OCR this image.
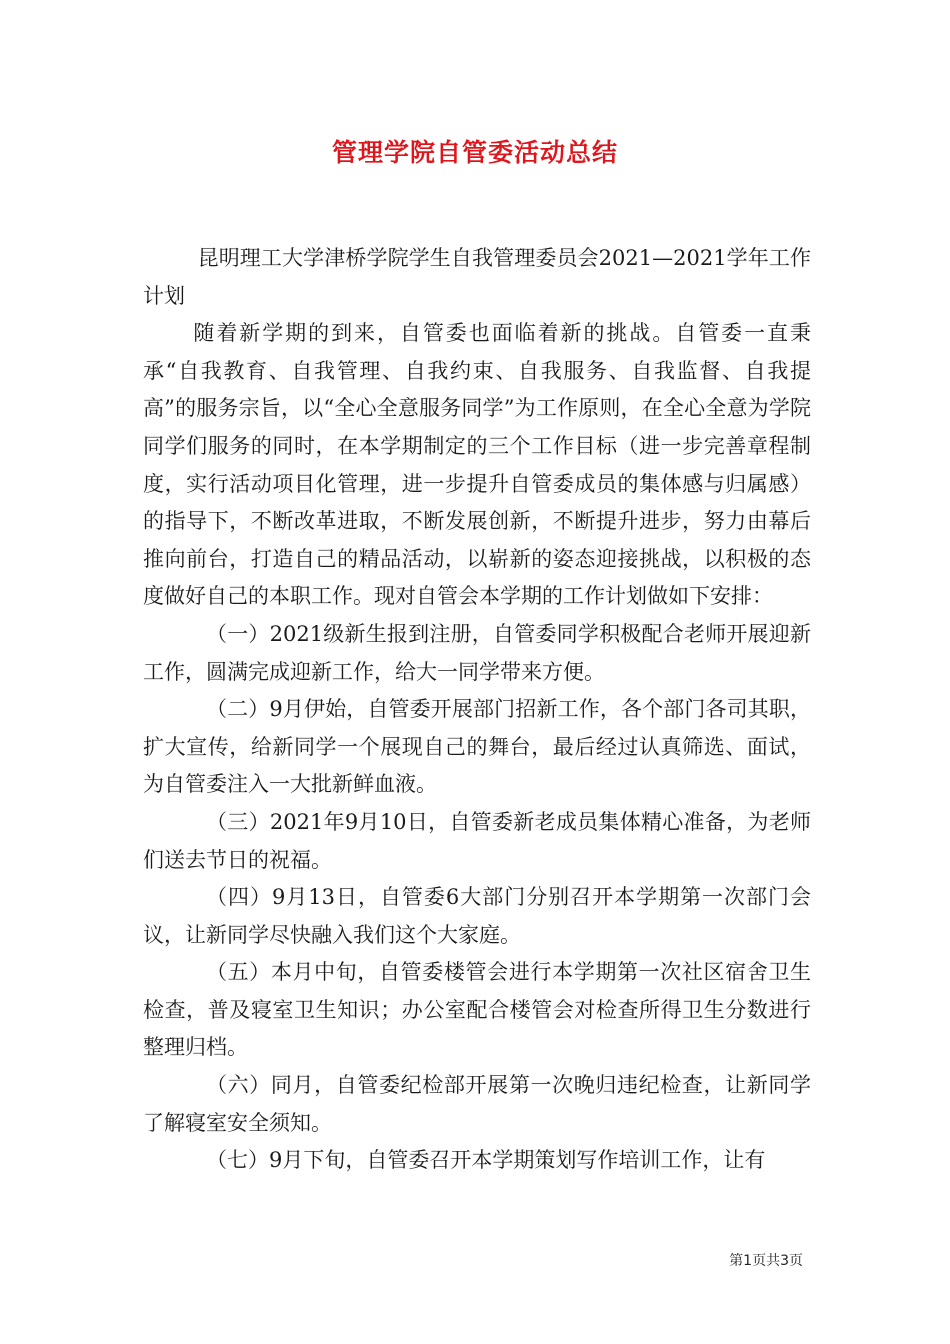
管理学院自管委活动总结

昆明理工大学津桥学院学生自我管理委员会2021—2021学年工作计划

随着新学期的到来，自管委也面临着新的挑战。自管委一直秉承“自我教育、自我管理、自我约束、自我服务、自我监督、自我提高”的服务宗旨，以“全心全意服务同学”为工作原则，在全心全意为学院同学们服务的同时，在本学期制定的三个工作目标（进一步完善章程制度，实行活动项目化管理，进一步提升自管委成员的集体感与归属感）的指导下，不断改革进取，不断发展创新，不断提升进步，努力由幕后推向前台，打造自己的精品活动，以崭新的姿态迎接挑战，以积极的态度做好自己的本职工作。现对自管会本学期的工作计划做如下安排：

（一）2021级新生报到注册，自管委同学积极配合老师开展迎新工作，圆满完成迎新工作，给大一同学带来方便。

（二）9月伊始，自管委开展部门招新工作，各个部门各司其职，扩大宣传，给新同学一个展现自己的舞台，最后经过认真筛选、面试，为自管委注入一大批新鲜血液。

（三）2021年9月10日，自管委新老成员集体精心准备，为老师们送去节日的祝福。

（四）9月13日，自管委6大部门分别召开本学期第一次部门会议，让新同学尽快融入我们这个大家庭。

（五）本月中旬，自管委楼管会进行本学期第一次社区宿舍卫生检查，普及寝室卫生知识；办公室配合楼管会对检查所得卫生分数进行整理归档。

（六）同月，自管委纪检部开展第一次晚归违纪检查，让新同学了解寝室安全须知。

（七）9月下旬，自管委召开本学期策划写作培训工作，让有

第1页共3页
